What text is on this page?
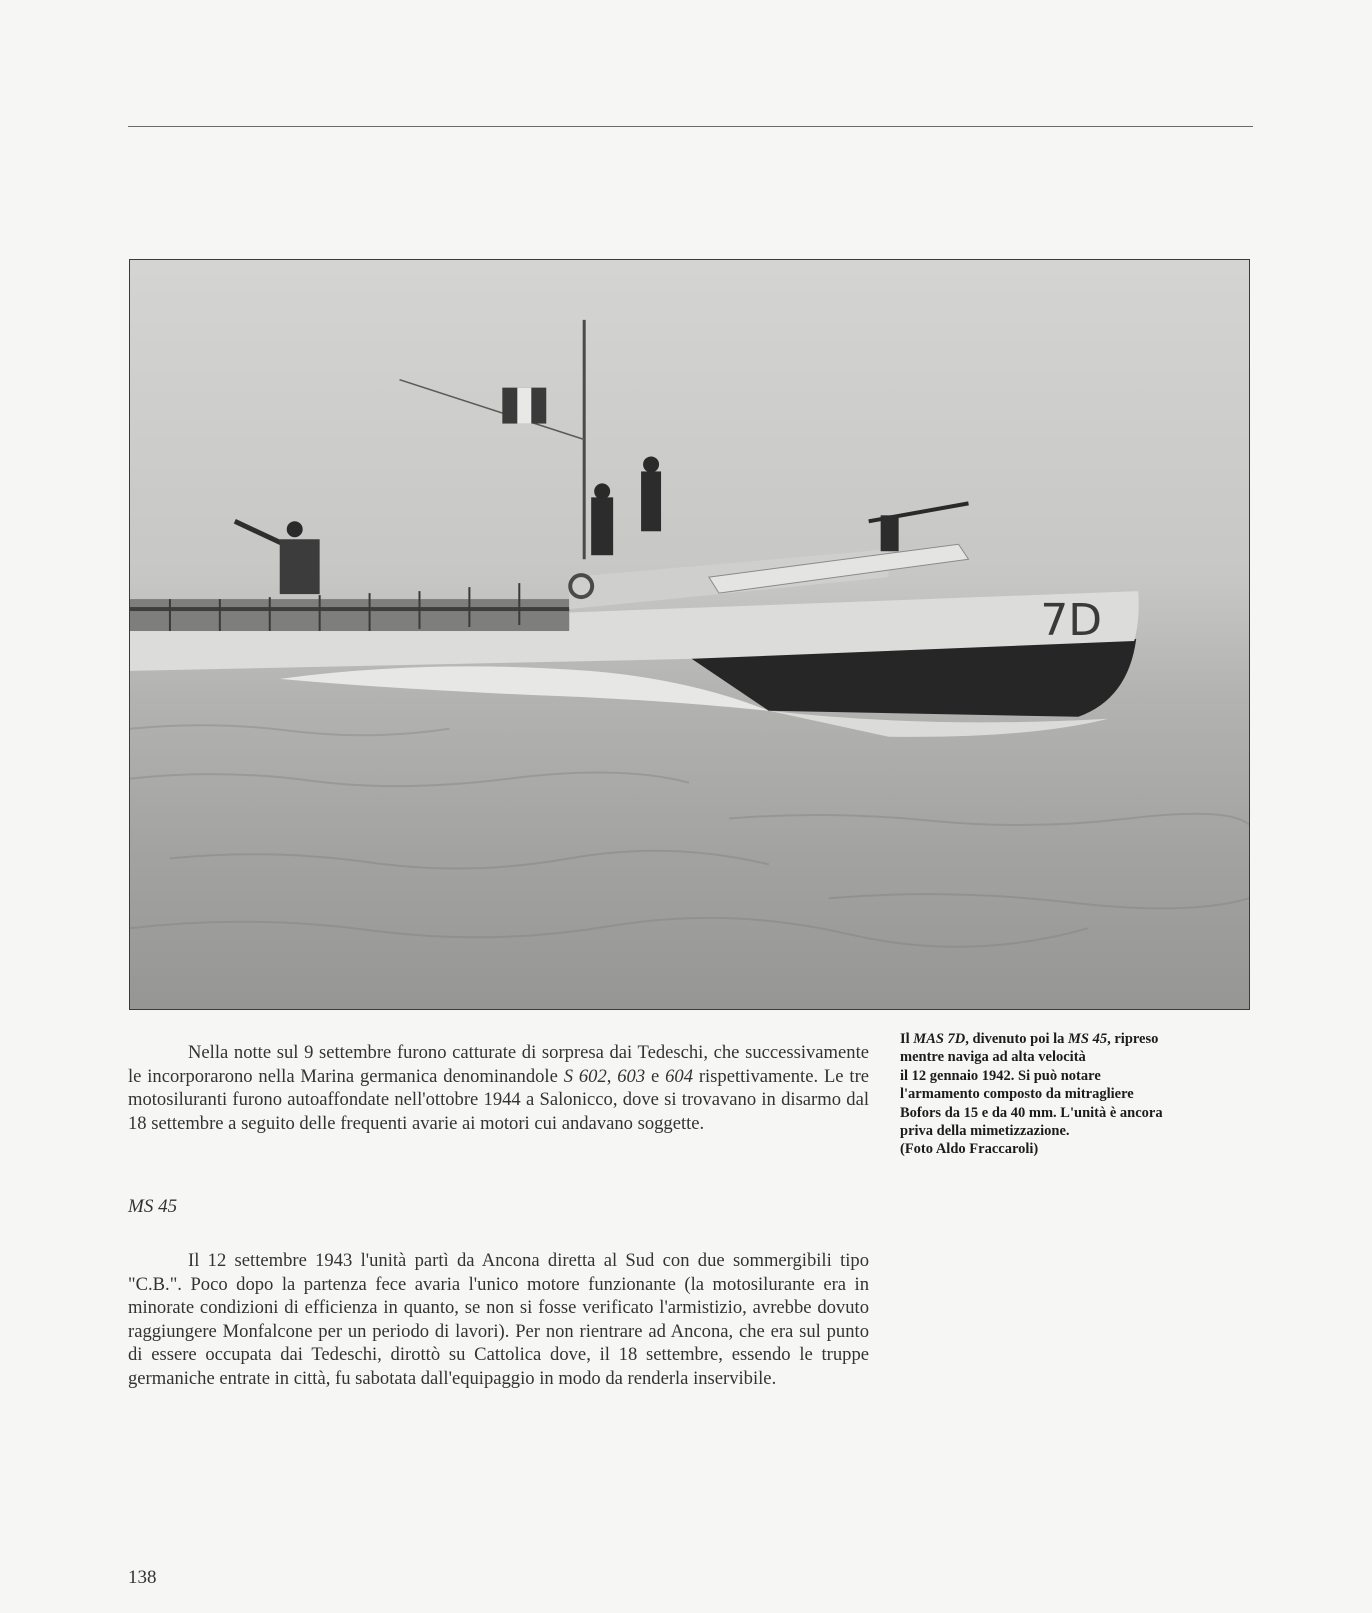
7D
Il MAS 7D, divenuto poi la MS 45, ripreso
mentre naviga ad alta velocità
il 12 gennaio 1942. Si può notare
l'armamento composto da mitragliere
Bofors da 15 e da 40 mm. L'unità è ancora
priva della mimetizzazione.
(Foto Aldo Fraccaroli)

Nella notte sul 9 settembre furono catturate di sorpresa dai Tedeschi, che successivamente le incorporarono nella Marina germanica denominandole S 602, 603 e 604 rispettivamente. Le tre motosiluranti furono autoaffondate nell'ottobre 1944 a Salonicco, dove si trovavano in disarmo dal 18 settembre a seguito delle frequenti avarie ai motori cui andavano soggette.

MS 45

Il 12 settembre 1943 l'unità partì da Ancona diretta al Sud con due sommergibili tipo "C.B.". Poco dopo la partenza fece avaria l'unico motore funzionante (la motosilurante era in minorate condizioni di efficienza in quanto, se non si fosse verificato l'armistizio, avrebbe dovuto raggiungere Monfalcone per un periodo di lavori). Per non rientrare ad Ancona, che era sul punto di essere occupata dai Tedeschi, dirottò su Cattolica dove, il 18 settembre, essendo le truppe germaniche entrate in città, fu sabotata dall'equipaggio in modo da renderla inservibile.

138
